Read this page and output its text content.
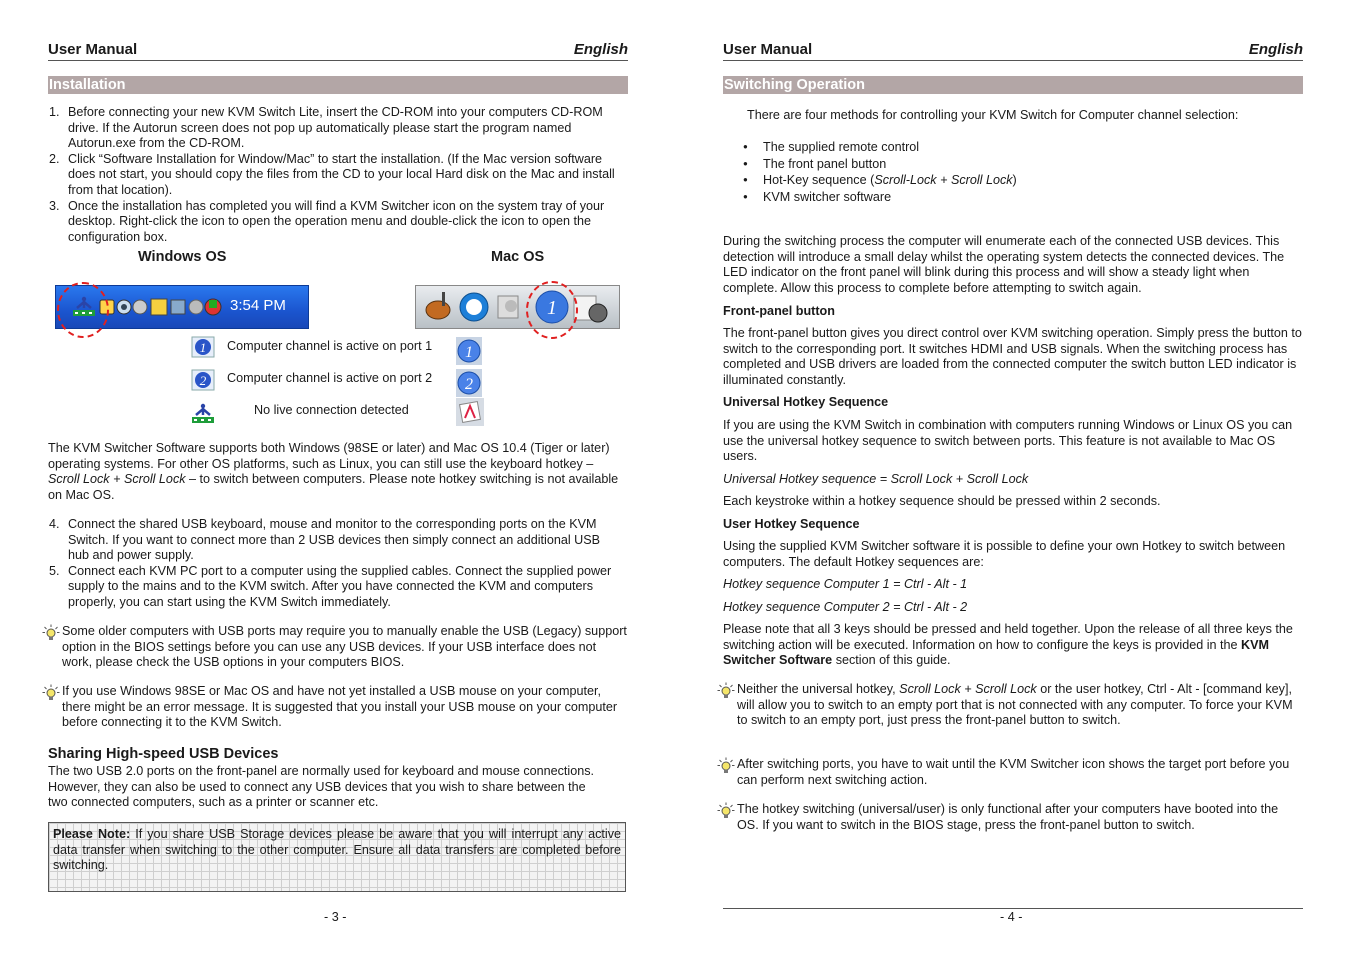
User Manual	English
Installation
1. Before connecting your new KVM Switch Lite, insert the CD-ROM into your computers CD-ROM drive. If the Autorun screen does not pop up automatically please start the program named Autorun.exe from the CD-ROM.
2. Click “Software Installation for Window/Mac” to start the installation. (If the Mac version software does not start, you should copy the files from the CD to your local Hard disk on the Mac and install from that location).
3. Once the installation has completed you will find a KVM Switcher icon on the system tray of your desktop. Right-click the icon to open the operation menu and double-click the icon to open the configuration box.
Windows OS	Mac OS
3:54 PM	1
1 Computer channel is active on port 1 1
2 Computer channel is active on port 2 2
No live connection detected
The KVM Switcher Software supports both Windows (98SE or later) and Mac OS 10.4 (Tiger or later) operating systems. For other OS platforms, such as Linux, you can still use the keyboard hotkey – Scroll Lock + Scroll Lock – to switch between computers. Please note hotkey switching is not available on Mac OS.
4. Connect the shared USB keyboard, mouse and monitor to the corresponding ports on the KVM Switch. If you want to connect more than 2 USB devices then simply connect an additional USB hub and power supply.
5. Connect each KVM PC port to a computer using the supplied cables. Connect the supplied power supply to the mains and to the KVM switch. After you have connected the KVM and computers properly, you can start using the KVM Switch immediately.
Some older computers with USB ports may require you to manually enable the USB (Legacy) support option in the BIOS settings before you can use any USB devices. If your USB interface does not work, please check the USB options in your computers BIOS.
If you use Windows 98SE or Mac OS and have not yet installed a USB mouse on your computer, there might be an error message. It is suggested that you install your USB mouse on your computer before connecting it to the KVM Switch.
Sharing High-speed USB Devices
The two USB 2.0 ports on the front-panel are normally used for keyboard and mouse connections. However, they can also be used to connect any USB devices that you wish to share between the two connected computers, such as a printer or scanner etc.
Please Note: If you share USB Storage devices please be aware that you will interrupt any active data transfer when switching to the other computer. Ensure all data transfers are completed before switching.
- 3 -
User Manual	English
Switching Operation
There are four methods for controlling your KVM Switch for Computer channel selection:
● The supplied remote control
● The front panel button
● Hot-Key sequence (Scroll-Lock + Scroll Lock)
● KVM switcher software
During the switching process the computer will enumerate each of the connected USB devices. This detection will introduce a small delay whilst the operating system detects the connected devices. The LED indicator on the front panel will blink during this process and will show a steady light when complete. Allow this process to complete before attempting to switch again.
Front-panel button
The front-panel button gives you direct control over KVM switching operation. Simply press the button to switch to the corresponding port. It switches HDMI and USB signals. When the switching process has completed and USB drivers are loaded from the connected computer the switch button LED indicator is illuminated constantly.
Universal Hotkey Sequence
If you are using the KVM Switch in combination with computers running Windows or Linux OS you can use the universal hotkey sequence to switch between ports. This feature is not available to Mac OS users.
Universal Hotkey sequence = Scroll Lock + Scroll Lock
Each keystroke within a hotkey sequence should be pressed within 2 seconds.
User Hotkey Sequence
Using the supplied KVM Switcher software it is possible to define your own Hotkey to switch between computers. The default Hotkey sequences are:
Hotkey sequence Computer 1 = Ctrl - Alt - 1
Hotkey sequence Computer 2 = Ctrl - Alt - 2
Please note that all 3 keys should be pressed and held together. Upon the release of all three keys the switching action will be executed. Information on how to configure the keys is provided in the KVM Switcher Software section of this guide.
Neither the universal hotkey, Scroll Lock + Scroll Lock or the user hotkey, Ctrl - Alt - [command key], will allow you to switch to an empty port that is not connected with any computer. To force your KVM to switch to an empty port, just press the front-panel button to switch.
After switching ports, you have to wait until the KVM Switcher icon shows the target port before you can perform next switching action.
The hotkey switching (universal/user) is only functional after your computers have booted into the OS. If you want to switch in the BIOS stage, press the front-panel button to switch.
- 4 -
